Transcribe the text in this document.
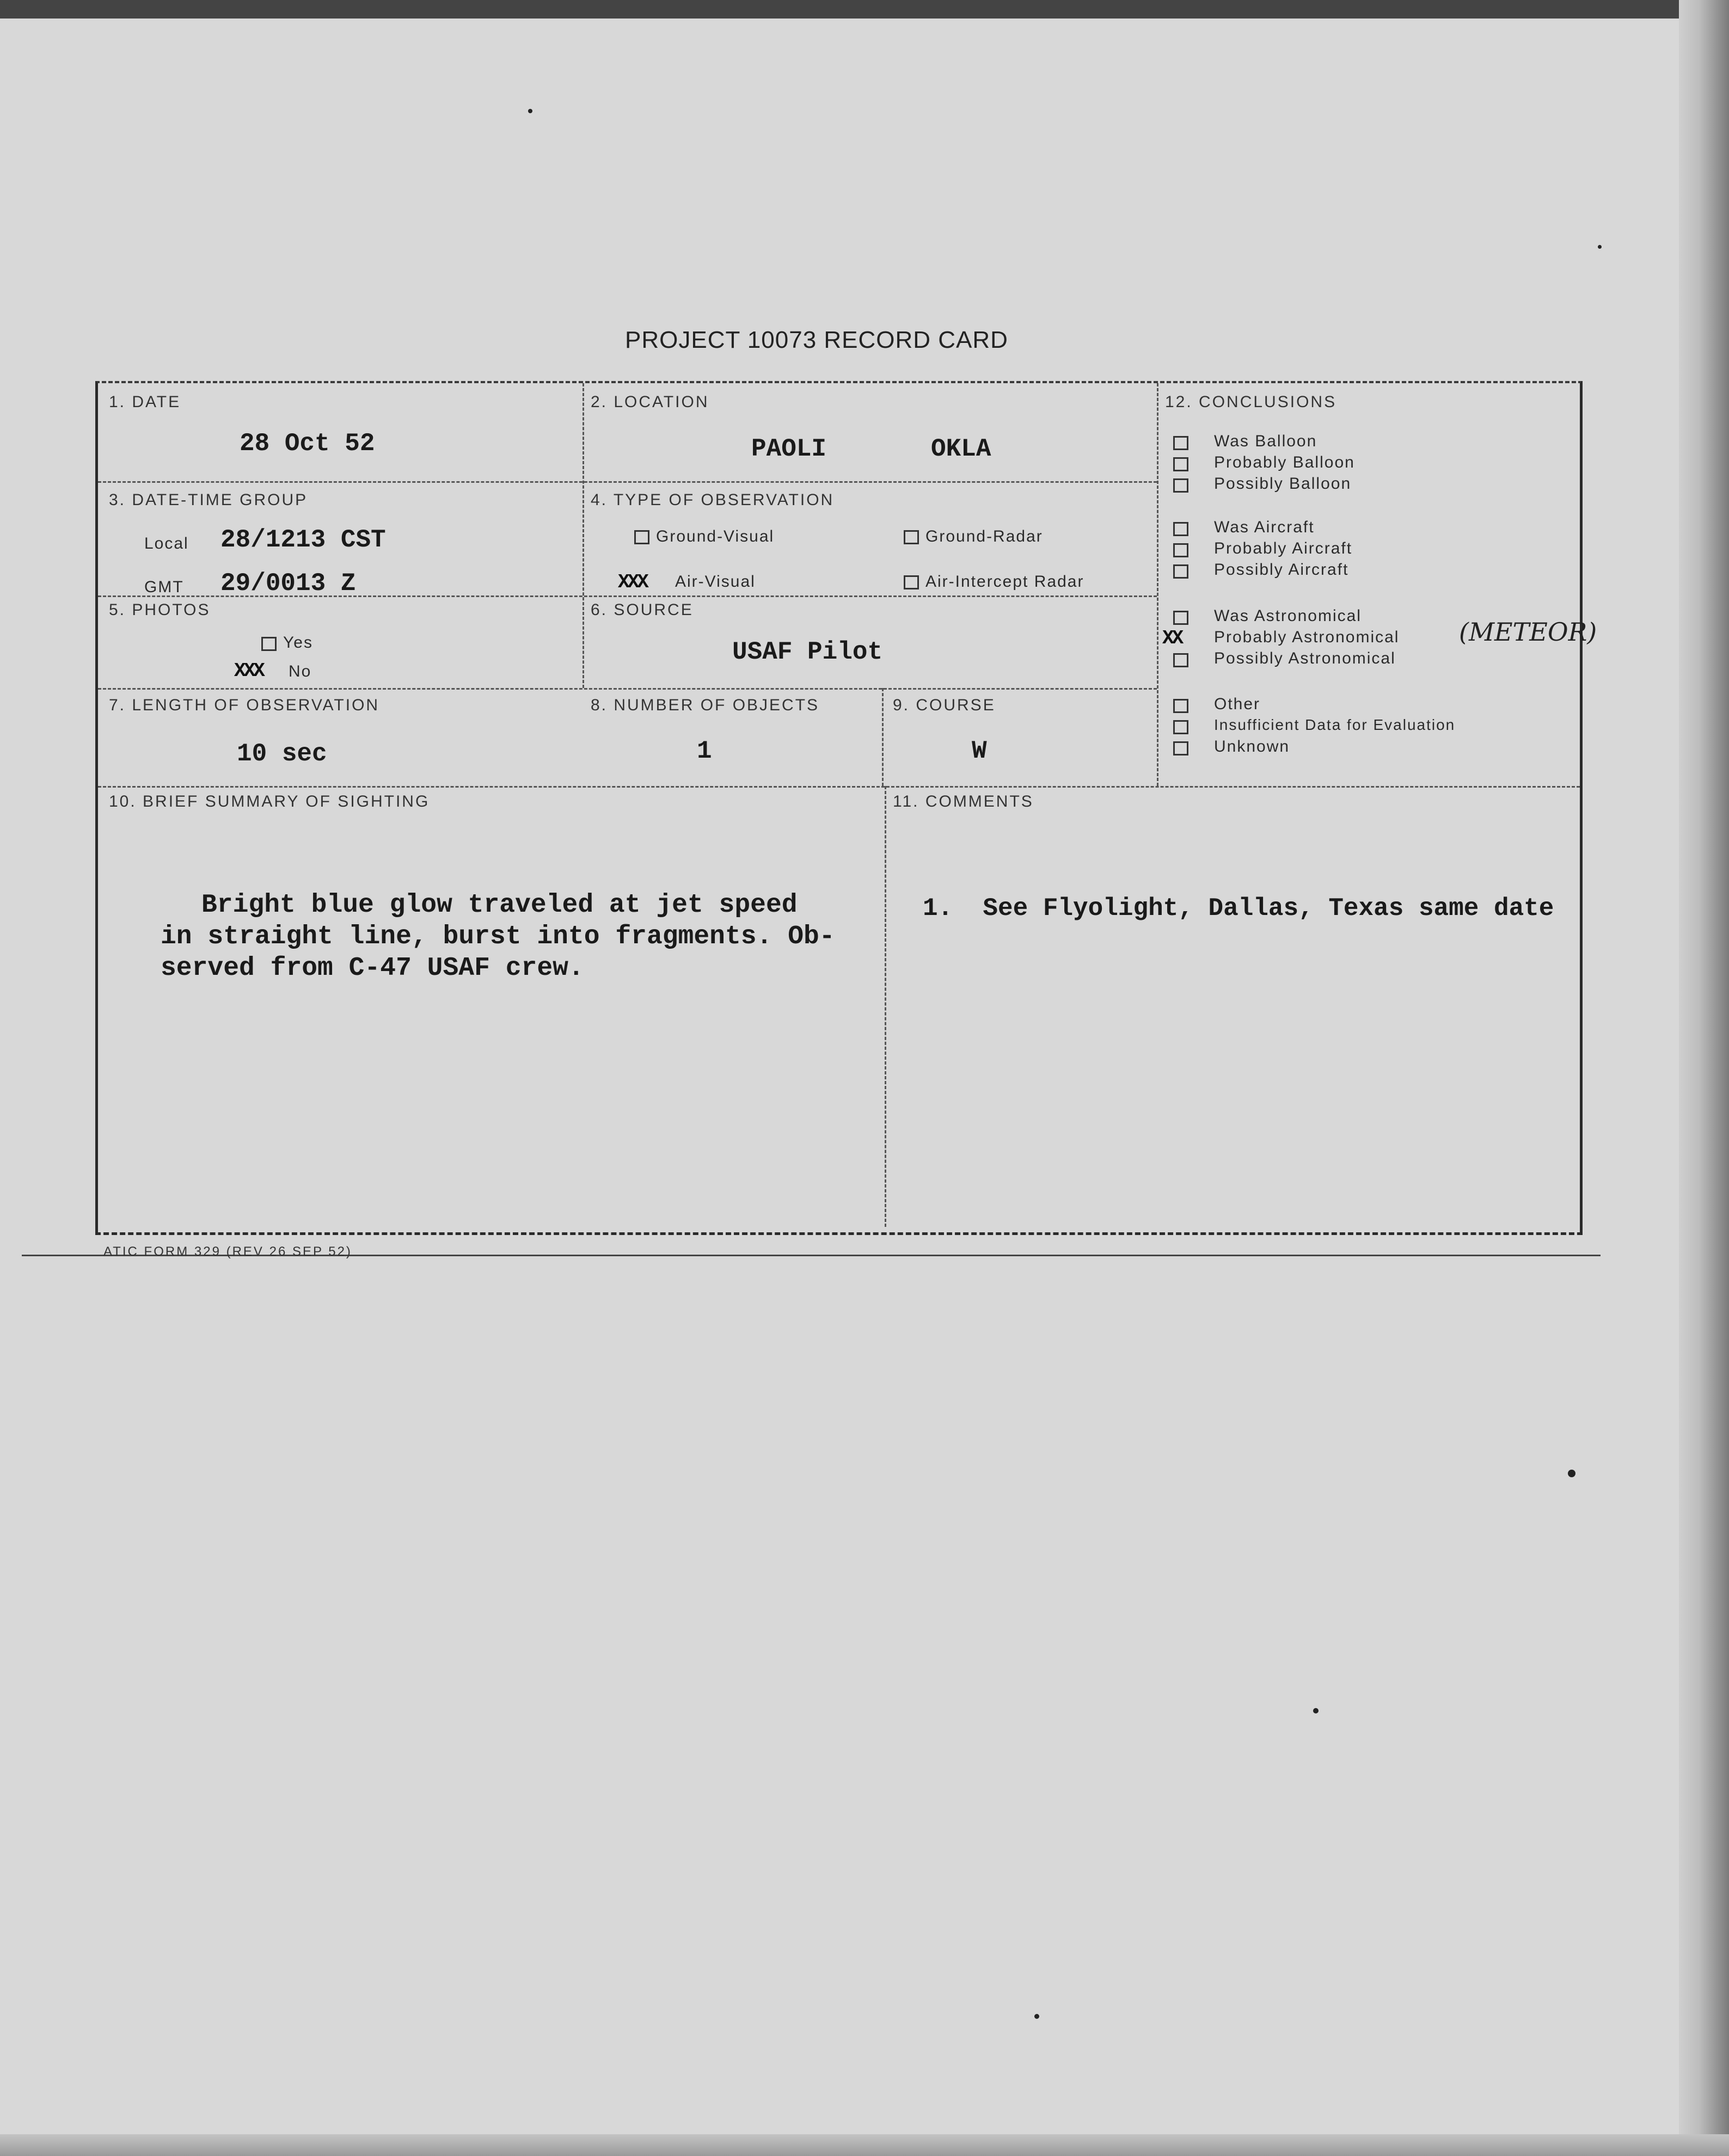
PROJECT 10073 RECORD CARD
1. DATE
28 Oct 52
2. LOCATION
PAOLI	OKLA
3. DATE-TIME GROUP
Local 28/1213 CST
GMT 29/0013 Z
4. TYPE OF OBSERVATION
Ground-Visual	Ground-Radar
XXX Air-Visual	Air-Intercept Radar
5. PHOTOS
Yes
XXX No
6. SOURCE
USAF Pilot
7. LENGTH OF OBSERVATION
10 sec
8. NUMBER OF OBJECTS
1
9. COURSE
W
10. BRIEF SUMMARY OF SIGHTING
Bright blue glow traveled at jet speed
in straight line, burst into fragments. Ob-
served from C-47 USAF crew.
11. COMMENTS
1.  See Flyolight, Dallas, Texas same date
12. CONCLUSIONS
Was Balloon
Probably Balloon
Possibly Balloon
Was Aircraft
Probably Aircraft
Possibly Aircraft
Was Astronomical
XX Probably Astronomical (METEOR)
Possibly Astronomical
Other
Insufficient Data for Evaluation
Unknown
ATIC FORM 329 (REV 26 SEP 52)
